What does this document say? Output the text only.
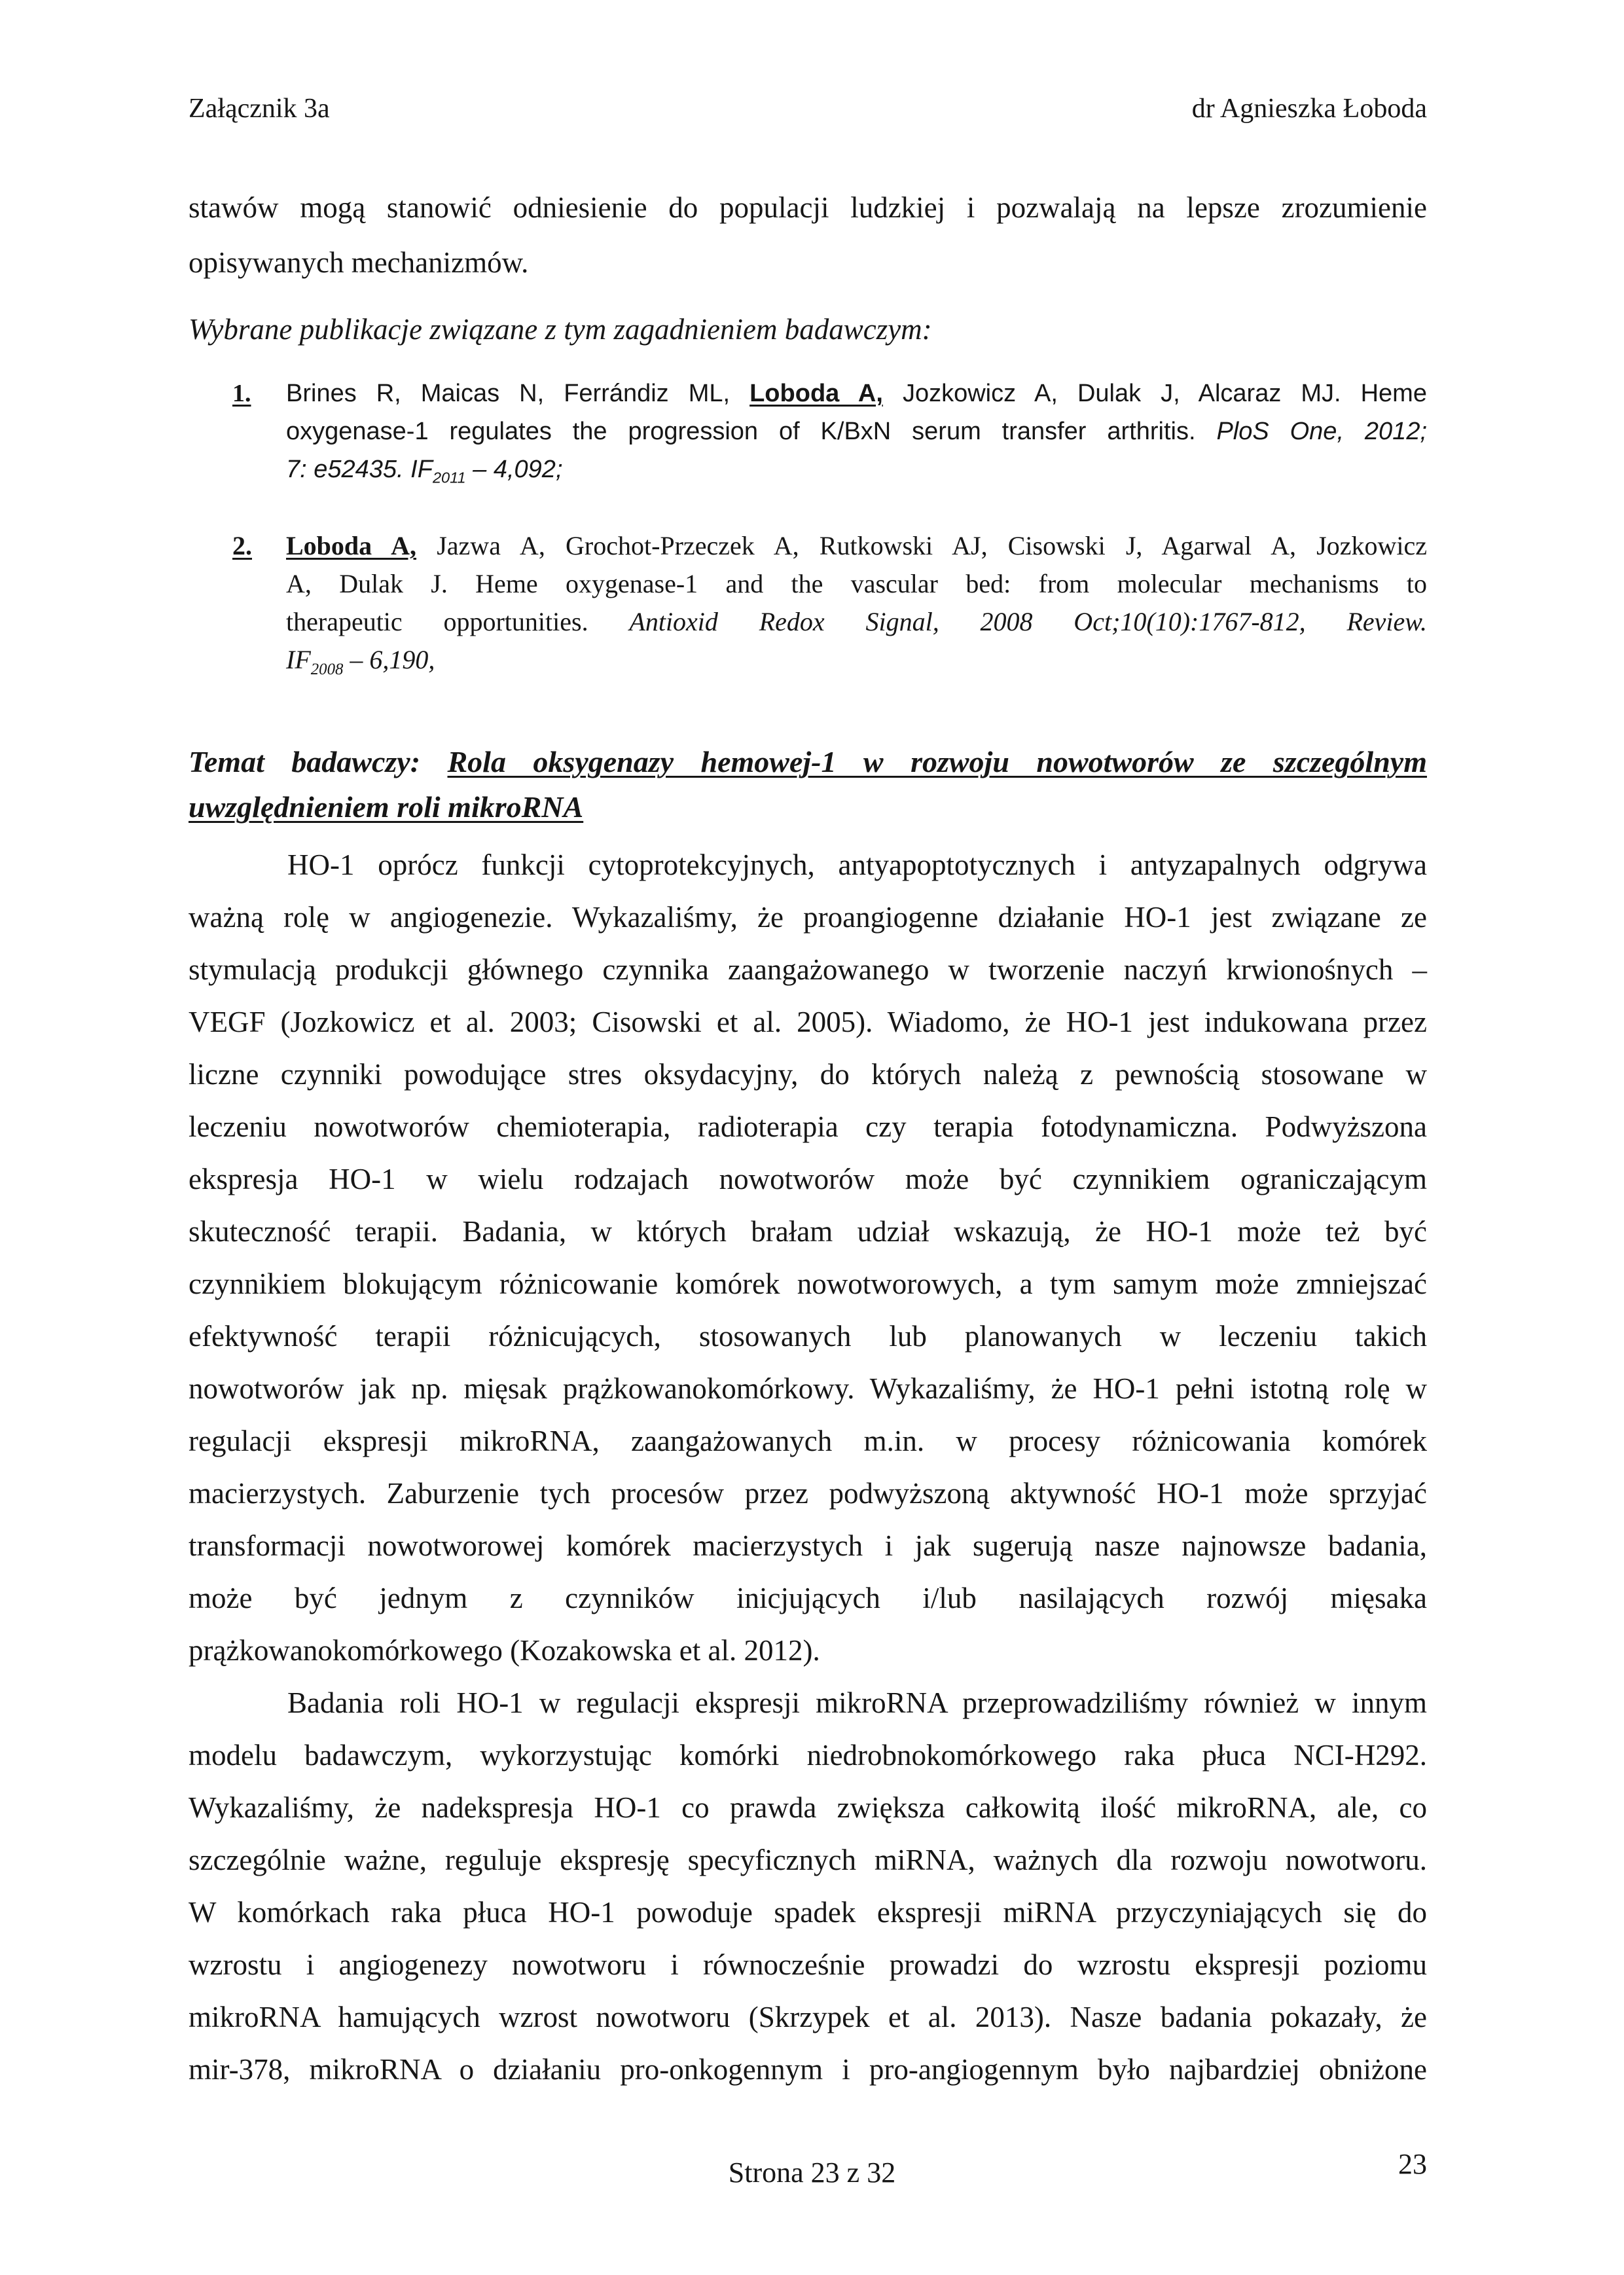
Załącznik 3a	dr Agnieszka Łoboda
stawów mogą stanowić odniesienie do populacji ludzkiej i pozwalają na lepsze zrozumienie
opisywanych mechanizmów.
Wybrane publikacje związane z tym zagadnieniem badawczym:
1. Brines R, Maicas N, Ferrándiz ML, Loboda A, Jozkowicz A, Dulak J, Alcaraz MJ. Heme
oxygenase-1 regulates the progression of K/BxN serum transfer arthritis. PloS One, 2012;
7: e52435. $IF_{2011} - 4,092$;
2. Loboda A, Jazwa A, Grochot-Przeczek A, Rutkowski AJ, Cisowski J, Agarwal A, Jozkowicz
A, Dulak J. Heme oxygenase-1 and the vascular bed: from molecular mechanisms to
therapeutic opportunities. Antioxid Redox Signal, 2008 Oct;10(10):1767-812, Review.
$IF_{2008} - 6,190$,
Temat badawczy: Rola oksygenazy hemowej-1 w rozwoju nowotworów ze szczególnym
uwzględnieniem roli mikroRNA
HO-1 oprócz funkcji cytoprotekcyjnych, antyapoptotycznych i antyzapalnych odgrywa
ważną rolę w angiogenezie. Wykazaliśmy, że proangiogenne działanie HO-1 jest związane ze
stymulacją produkcji głównego czynnika zaangażowanego w tworzenie naczyń krwionośnych –
VEGF (Jozkowicz et al. 2003; Cisowski et al. 2005). Wiadomo, że HO-1 jest indukowana przez
liczne czynniki powodujące stres oksydacyjny, do których należą z pewnością stosowane w
leczeniu nowotworów chemioterapia, radioterapia czy terapia fotodynamiczna. Podwyższona
ekspresja HO-1 w wielu rodzajach nowotworów może być czynnikiem ograniczającym
skuteczność terapii. Badania, w których brałam udział wskazują, że HO-1 może też być
czynnikiem blokującym różnicowanie komórek nowotworowych, a tym samym może zmniejszać
efektywność terapii różnicujących, stosowanych lub planowanych w leczeniu takich
nowotworów jak np. mięsak prążkowanokomórkowy. Wykazaliśmy, że HO-1 pełni istotną rolę w
regulacji ekspresji mikroRNA, zaangażowanych m.in. w procesy różnicowania komórek
macierzystych. Zaburzenie tych procesów przez podwyższoną aktywność HO-1 może sprzyjać
transformacji nowotworowej komórek macierzystych i jak sugerują nasze najnowsze badania,
może być jednym z czynników inicjujących i/lub nasilających rozwój mięsaka
prążkowanokomórkowego (Kozakowska et al. 2012).
Badania roli HO-1 w regulacji ekspresji mikroRNA przeprowadziliśmy również w innym
modelu badawczym, wykorzystując komórki niedrobnokomórkowego raka płuca NCI-H292.
Wykazaliśmy, że nadekspresja HO-1 co prawda zwiększa całkowitą ilość mikroRNA, ale, co
szczególnie ważne, reguluje ekspresję specyficznych miRNA, ważnych dla rozwoju nowotworu.
W komórkach raka płuca HO-1 powoduje spadek ekspresji miRNA przyczyniających się do
wzrostu i angiogenezy nowotworu i równocześnie prowadzi do wzrostu ekspresji poziomu
mikroRNA hamujących wzrost nowotworu (Skrzypek et al. 2013). Nasze badania pokazały, że
mir-378, mikroRNA o działaniu pro-onkogennym i pro-angiogennym było najbardziej obniżone
Strona 23 z 32	23
